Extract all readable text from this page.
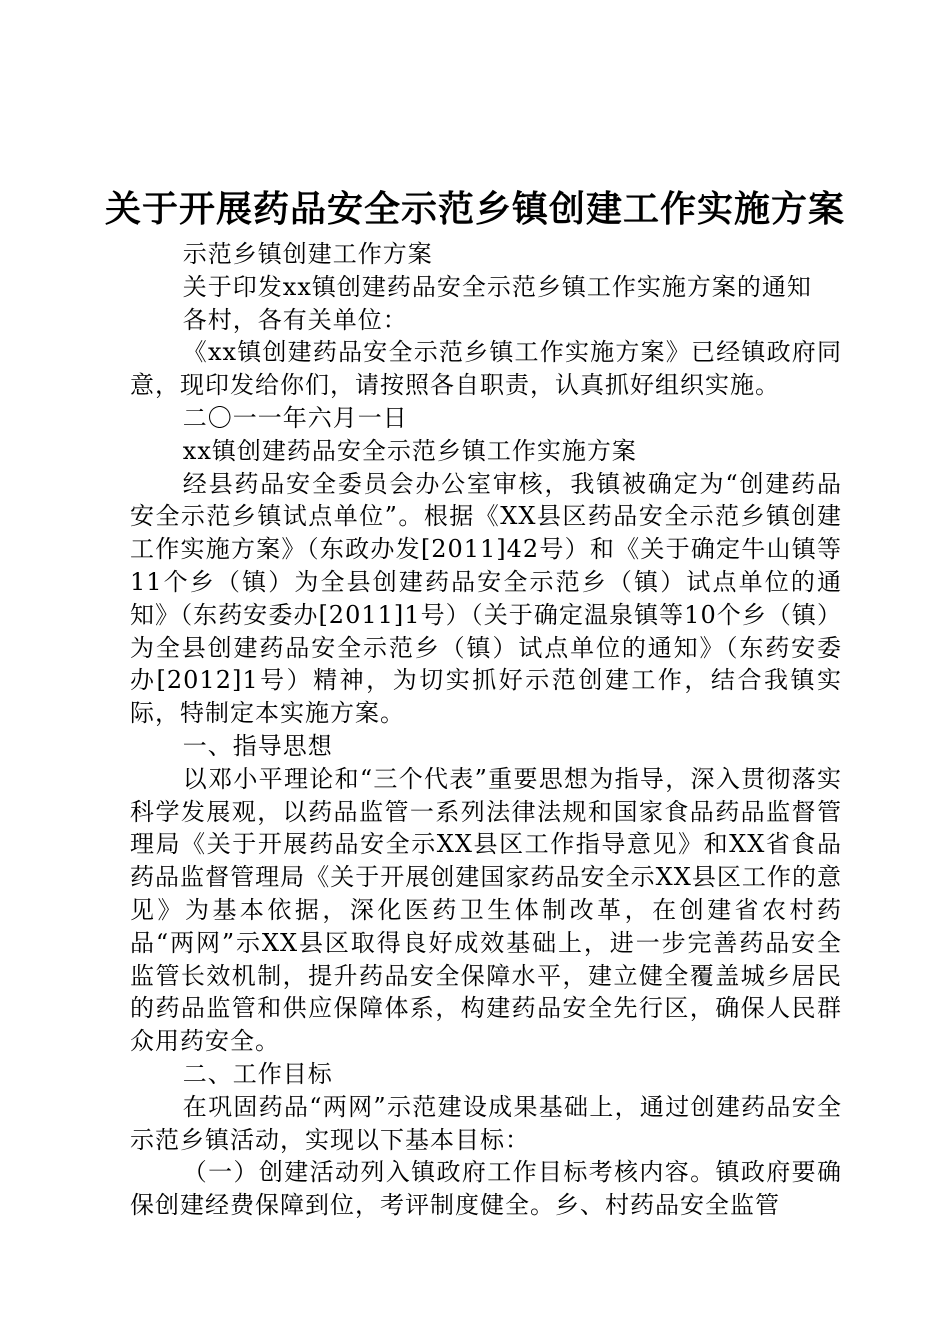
关于开展药品安全示范乡镇创建工作实施方案

示范乡镇创建工作方案

关于印发xx镇创建药品安全示范乡镇工作实施方案的通知

各村，各有关单位：

《xx镇创建药品安全示范乡镇工作实施方案》已经镇政府同意，现印发给你们，请按照各自职责，认真抓好组织实施。

二〇一一年六月一日

xx镇创建药品安全示范乡镇工作实施方案

经县药品安全委员会办公室审核，我镇被确定为“创建药品安全示范乡镇试点单位”。根据《XX县区药品安全示范乡镇创建工作实施方案》（东政办发[2011]42号）和《关于确定牛山镇等11个乡（镇）为全县创建药品安全示范乡（镇）试点单位的通知》（东药安委办[2011]1号）（关于确定温泉镇等10个乡（镇）为全县创建药品安全示范乡（镇）试点单位的通知》（东药安委办[2012]1号）精神，为切实抓好示范创建工作，结合我镇实际，特制定本实施方案。

一、指导思想

以邓小平理论和“三个代表”重要思想为指导，深入贯彻落实科学发展观，以药品监管一系列法律法规和国家食品药品监督管理局《关于开展药品安全示XX县区工作指导意见》和XX省食品药品监督管理局《关于开展创建国家药品安全示XX县区工作的意见》为基本依据，深化医药卫生体制改革，在创建省农村药品“两网”示XX县区取得良好成效基础上，进一步完善药品安全监管长效机制，提升药品安全保障水平，建立健全覆盖城乡居民的药品监管和供应保障体系，构建药品安全先行区，确保人民群众用药安全。

二、工作目标

在巩固药品“两网”示范建设成果基础上，通过创建药品安全示范乡镇活动，实现以下基本目标：

（一）创建活动列入镇政府工作目标考核内容。镇政府要确保创建经费保障到位，考评制度健全。乡、村药品安全监管
